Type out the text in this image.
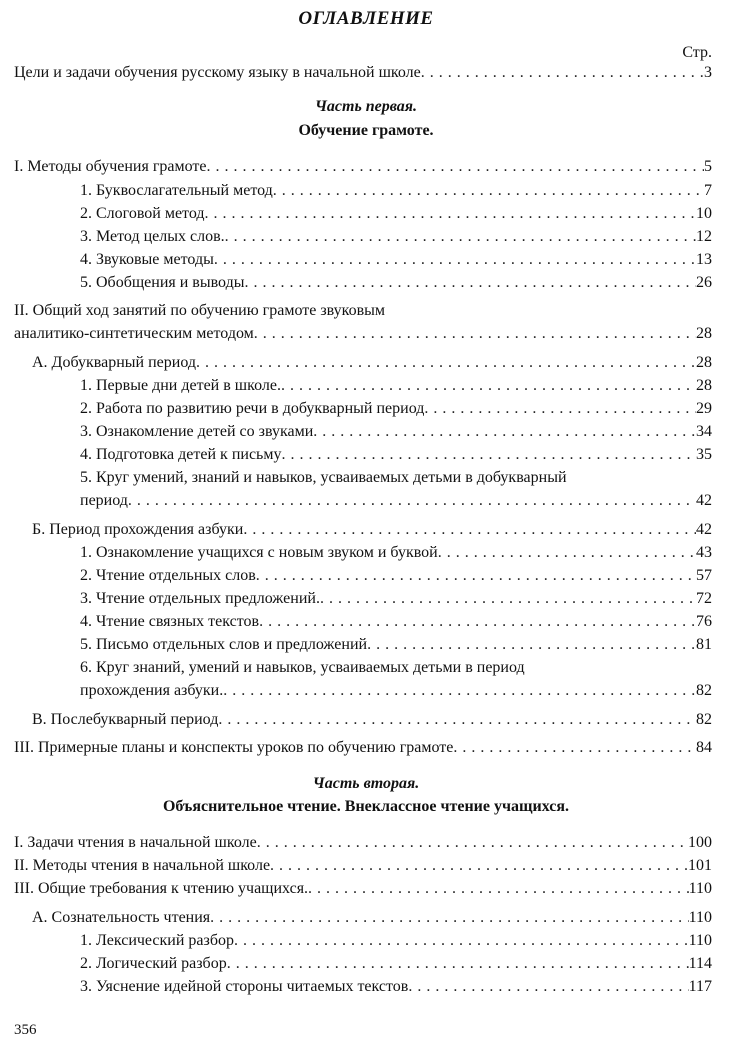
ОГЛАВЛЕНИЕ
Стр.
Цели и задачи обучения русскому языку в начальной школе . . .	3
Часть первая.
Обучение грамоте.
I. Методы обучения грамоте . . .	5
1. Буквослагательный метод . . .	7
2. Слоговой метод . . .	10
3. Метод целых слов. . . .	12
4. Звуковые методы . . .	13
5. Обобщения и выводы . . .	26
II. Общий ход занятий по обучению грамоте звуковым
аналитико-синтетическим методом . . .	28
А. Добукварный период . . .	28
1. Первые дни детей в школе. . . .	28
2. Работа по развитию речи в добукварный период . . .	29
3. Ознакомление детей со звуками . . .	34
4. Подготовка детей к письму . . .	35
5. Круг умений, знаний и навыков, усваиваемых детьми в добукварный
период . . .	42
Б. Период прохождения азбуки . . .	42
1. Ознакомление учащихся с новым звуком и буквой . . .	43
2. Чтение отдельных слов . . .	57
3. Чтение отдельных предложений. . . .	72
4. Чтение связных текстов . . .	76
5. Письмо отдельных слов и предложений . . .	81
6. Круг знаний, умений и навыков, усваиваемых детьми в период
прохождения азбуки. . . .	82
В. Послебукварный период . . .	82
III. Примерные планы и конспекты уроков по обучению грамоте . . .	84
Часть вторая.
Объяснительное чтение. Внеклассное чтение учащихся.
I. Задачи чтения в начальной школе . . .	100
II. Методы чтения в начальной школе . . .	101
III. Общие требования к чтению учащихся. . . .	110
А. Сознательность чтения . . .	110
1. Лексический разбор . . .	110
2. Логический разбор . . .	114
3. Уяснение идейной стороны читаемых текстов . . .	117
356
